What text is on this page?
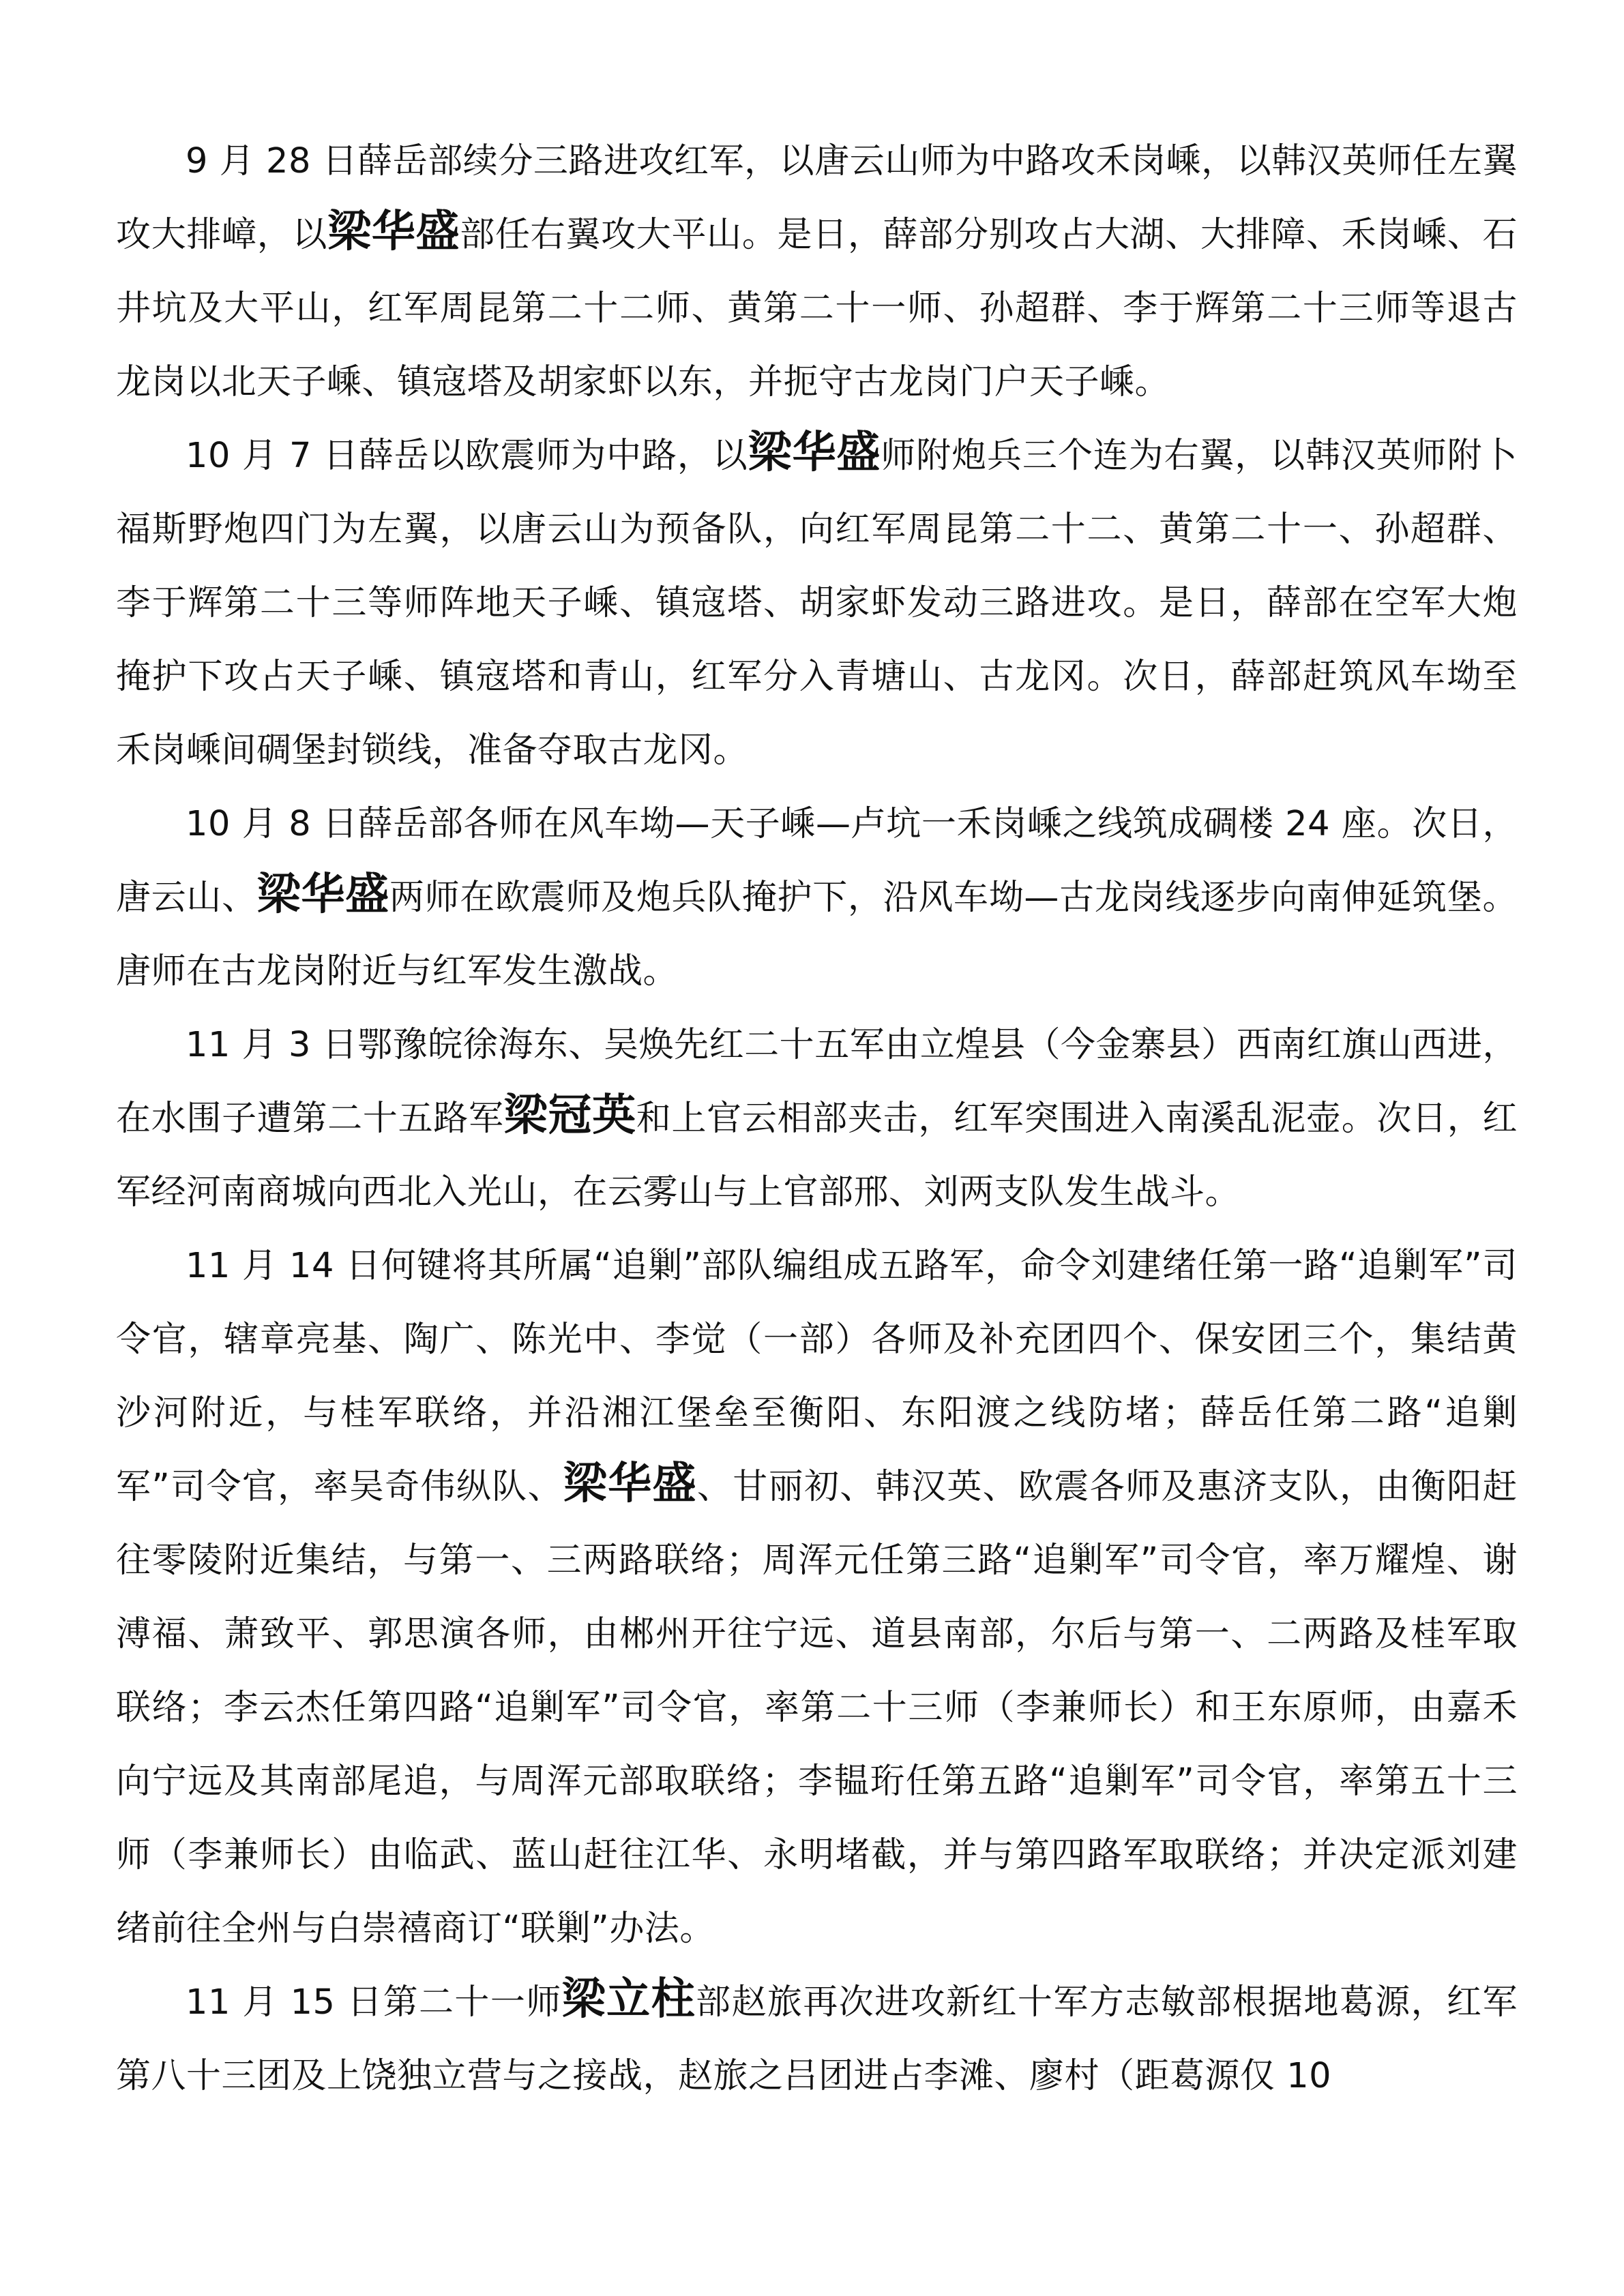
9 月 28 日薛岳部续分三路进攻红军，以唐云山师为中路攻禾岗嵊，以韩汉英师任左翼攻大排嶂，以梁华盛部任右翼攻大平山。是日，薛部分别攻占大湖、大排障、禾岗嵊、石井坑及大平山，红军周昆第二十二师、黄第二十一师、孙超群、李于辉第二十三师等退古龙岗以北天子嵊、镇寇塔及胡家虾以东，并扼守古龙岗门户天子嵊。

10 月 7 日薛岳以欧震师为中路，以梁华盛师附炮兵三个连为右翼，以韩汉英师附卜福斯野炮四门为左翼，以唐云山为预备队，向红军周昆第二十二、黄第二十一、孙超群、李于辉第二十三等师阵地天子嵊、镇寇塔、胡家虾发动三路进攻。是日，薛部在空军大炮掩护下攻占天子嵊、镇寇塔和青山，红军分入青塘山、古龙冈。次日，薛部赶筑风车坳至禾岗嵊间碉堡封锁线，准备夺取古龙冈。

10 月 8 日薛岳部各师在风车坳—天子嵊—卢坑一禾岗嵊之线筑成碉楼 24 座。次日，唐云山、梁华盛两师在欧震师及炮兵队掩护下，沿风车坳—古龙岗线逐步向南伸延筑堡。唐师在古龙岗附近与红军发生激战。

11 月 3 日鄂豫皖徐海东、吴焕先红二十五军由立煌县（今金寨县）西南红旗山西进，在水围子遭第二十五路军梁冠英和上官云相部夹击，红军突围进入南溪乱泥壶。次日，红军经河南商城向西北入光山，在云雾山与上官部邢、刘两支队发生战斗。

11 月 14 日何键将其所属“追剿”部队编组成五路军，命令刘建绪任第一路“追剿军”司令官，辖章亮基、陶广、陈光中、李觉（一部）各师及补充团四个、保安团三个，集结黄沙河附近，与桂军联络，并沿湘江堡垒至衡阳、东阳渡之线防堵；薛岳任第二路“追剿军”司令官，率吴奇伟纵队、梁华盛、甘丽初、韩汉英、欧震各师及惠济支队，由衡阳赶往零陵附近集结，与第一、三两路联络；周浑元任第三路“追剿军”司令官，率万耀煌、谢溥福、萧致平、郭思演各师，由郴州开往宁远、道县南部，尔后与第一、二两路及桂军取联络；李云杰任第四路“追剿军”司令官，率第二十三师（李兼师长）和王东原师，由嘉禾向宁远及其南部尾追，与周浑元部取联络；李韫珩任第五路“追剿军”司令官，率第五十三师（李兼师长）由临武、蓝山赶往江华、永明堵截，并与第四路军取联络；并决定派刘建绪前往全州与白崇禧商订“联剿”办法。

11 月 15 日第二十一师梁立柱部赵旅再次进攻新红十军方志敏部根据地葛源，红军第八十三团及上饶独立营与之接战，赵旅之吕团进占李滩、廖村（距葛源仅 10
